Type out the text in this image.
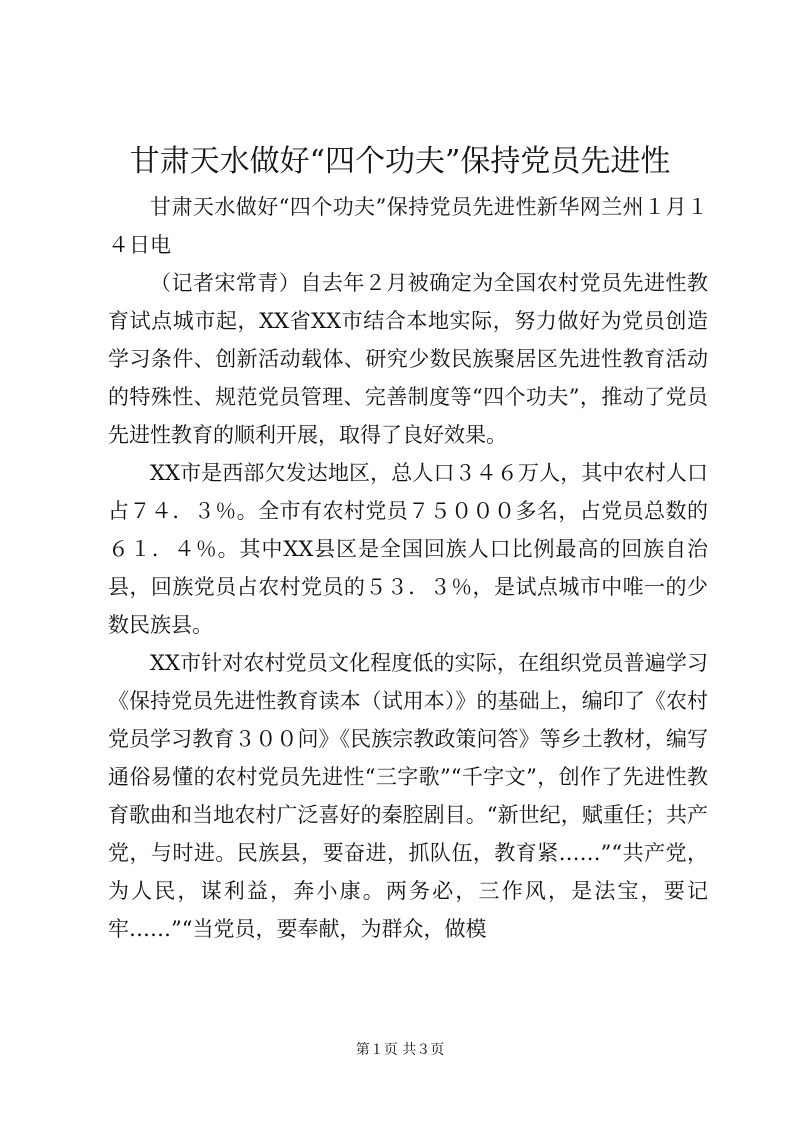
甘肃天水做好“四个功夫”保持党员先进性

甘肃天水做好“四个功夫”保持党员先进性新华网兰州１月１４日电

（记者宋常青）自去年２月被确定为全国农村党员先进性教育试点城市起，XX省XX市结合本地实际，努力做好为党员创造学习条件、创新活动载体、研究少数民族聚居区先进性教育活动的特殊性、规范党员管理、完善制度等“四个功夫”，推动了党员先进性教育的顺利开展，取得了良好效果。

XX市是西部欠发达地区，总人口３４６万人，其中农村人口占７４．３％。全市有农村党员７５０００多名，占党员总数的６１．４％。其中XX县区是全国回族人口比例最高的回族自治县，回族党员占农村党员的５３．３％，是试点城市中唯一的少数民族县。

XX市针对农村党员文化程度低的实际，在组织党员普遍学习《保持党员先进性教育读本（试用本）》的基础上，编印了《农村党员学习教育３００问》《民族宗教政策问答》等乡土教材，编写通俗易懂的农村党员先进性“三字歌”“千字文”，创作了先进性教育歌曲和当地农村广泛喜好的秦腔剧目。“新世纪，赋重任；共产党，与时进。民族县，要奋进，抓队伍，教育紧……”“共产党，为人民，谋利益，奔小康。两务必，三作风，是法宝，要记牢……”“当党员，要奉献，为群众，做模

第１页 共３页
